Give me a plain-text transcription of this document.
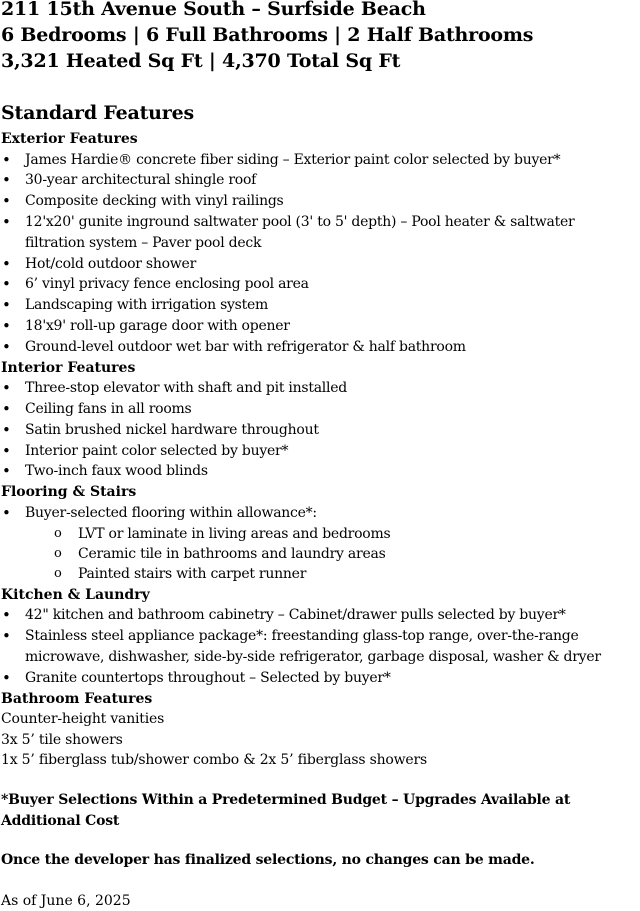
211 15th Avenue South – Surfside Beach

6 Bedrooms | 6 Full Bathrooms | 2 Half Bathrooms

3,321 Heated Sq Ft | 4,370 Total Sq Ft

Standard Features

Exterior Features

• James Hardie® concrete fiber siding – Exterior paint color selected by buyer*
• 30-year architectural shingle roof
• Composite decking with vinyl railings
• 12'x20' gunite inground saltwater pool (3' to 5' depth) – Pool heater & saltwater filtration system – Paver pool deck
• Hot/cold outdoor shower
• 6’ vinyl privacy fence enclosing pool area
• Landscaping with irrigation system
• 18'x9' roll-up garage door with opener
• Ground-level outdoor wet bar with refrigerator & half bathroom

Interior Features

• Three-stop elevator with shaft and pit installed
• Ceiling fans in all rooms
• Satin brushed nickel hardware throughout
• Interior paint color selected by buyer*
• Two-inch faux wood blinds

Flooring & Stairs

• Buyer-selected flooring within allowance*:
o LVT or laminate in living areas and bedrooms
o Ceramic tile in bathrooms and laundry areas
o Painted stairs with carpet runner

Kitchen & Laundry

• 42" kitchen and bathroom cabinetry – Cabinet/drawer pulls selected by buyer*
• Stainless steel appliance package*: freestanding glass-top range, over-the-range microwave, dishwasher, side-by-side refrigerator, garbage disposal, washer & dryer
• Granite countertops throughout – Selected by buyer*

Bathroom Features

Counter-height vanities

3x 5’ tile showers

1x 5’ fiberglass tub/shower combo & 2x 5’ fiberglass showers

*Buyer Selections Within a Predetermined Budget – Upgrades Available at Additional Cost

Once the developer has finalized selections, no changes can be made.

As of June 6, 2025
